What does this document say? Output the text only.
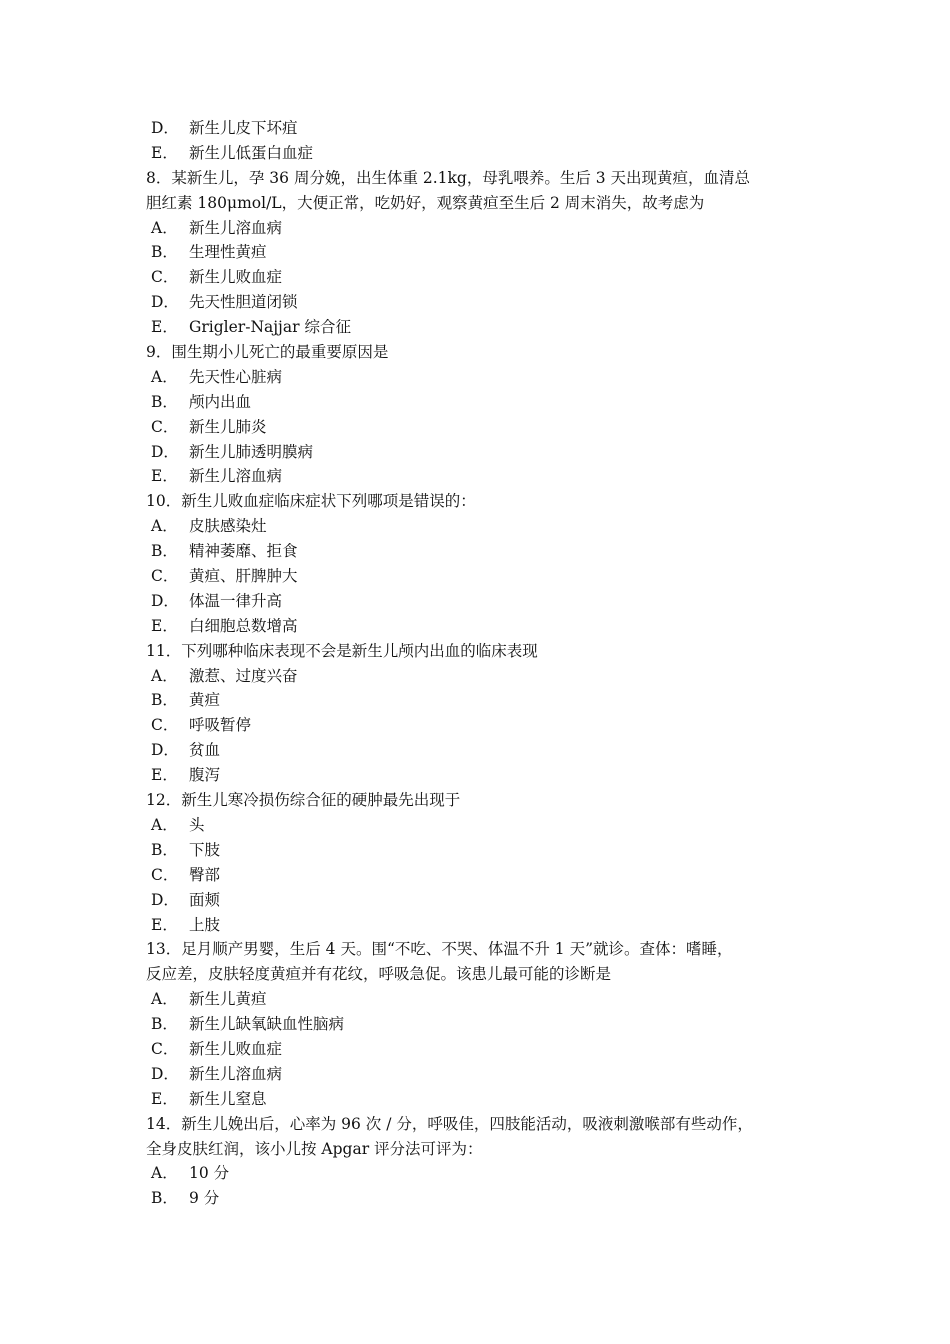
D． 新生儿皮下坏疽
E． 新生儿低蛋白血症
8．某新生儿，孕 36 周分娩，出生体重 2.1kg，母乳喂养。生后 3 天出现黄疸，血清总
胆红素 180μmol/L，大便正常，吃奶好，观察黄疸至生后 2 周末消失，故考虑为
A． 新生儿溶血病
B． 生理性黄疸
C． 新生儿败血症
D． 先天性胆道闭锁
E． Grigler-Najjar 综合征
9．围生期小儿死亡的最重要原因是
A． 先天性心脏病
B． 颅内出血
C． 新生儿肺炎
D． 新生儿肺透明膜病
E． 新生儿溶血病
10．新生儿败血症临床症状下列哪项是错误的：
A． 皮肤感染灶
B． 精神萎靡、拒食
C． 黄疸、肝脾肿大
D． 体温一律升高
E． 白细胞总数增高
11．下列哪种临床表现不会是新生儿颅内出血的临床表现
A． 激惹、过度兴奋
B． 黄疸
C． 呼吸暂停
D． 贫血
E． 腹泻
12．新生儿寒冷损伤综合征的硬肿最先出现于
A． 头
B． 下肢
C． 臀部
D． 面颊
E． 上肢
13．足月顺产男婴，生后 4 天。围“不吃、不哭、体温不升 1 天”就诊。查体：嗜睡，
反应差，皮肤轻度黄疸并有花纹，呼吸急促。该患儿最可能的诊断是
A． 新生儿黄疸
B． 新生儿缺氧缺血性脑病
C． 新生儿败血症
D． 新生儿溶血病
E． 新生儿窒息
14．新生儿娩出后，心率为 96 次 / 分，呼吸佳，四肢能活动，吸液刺激喉部有些动作，
全身皮肤红润，该小儿按 Apgar 评分法可评为：
A． 10 分
B． 9 分
